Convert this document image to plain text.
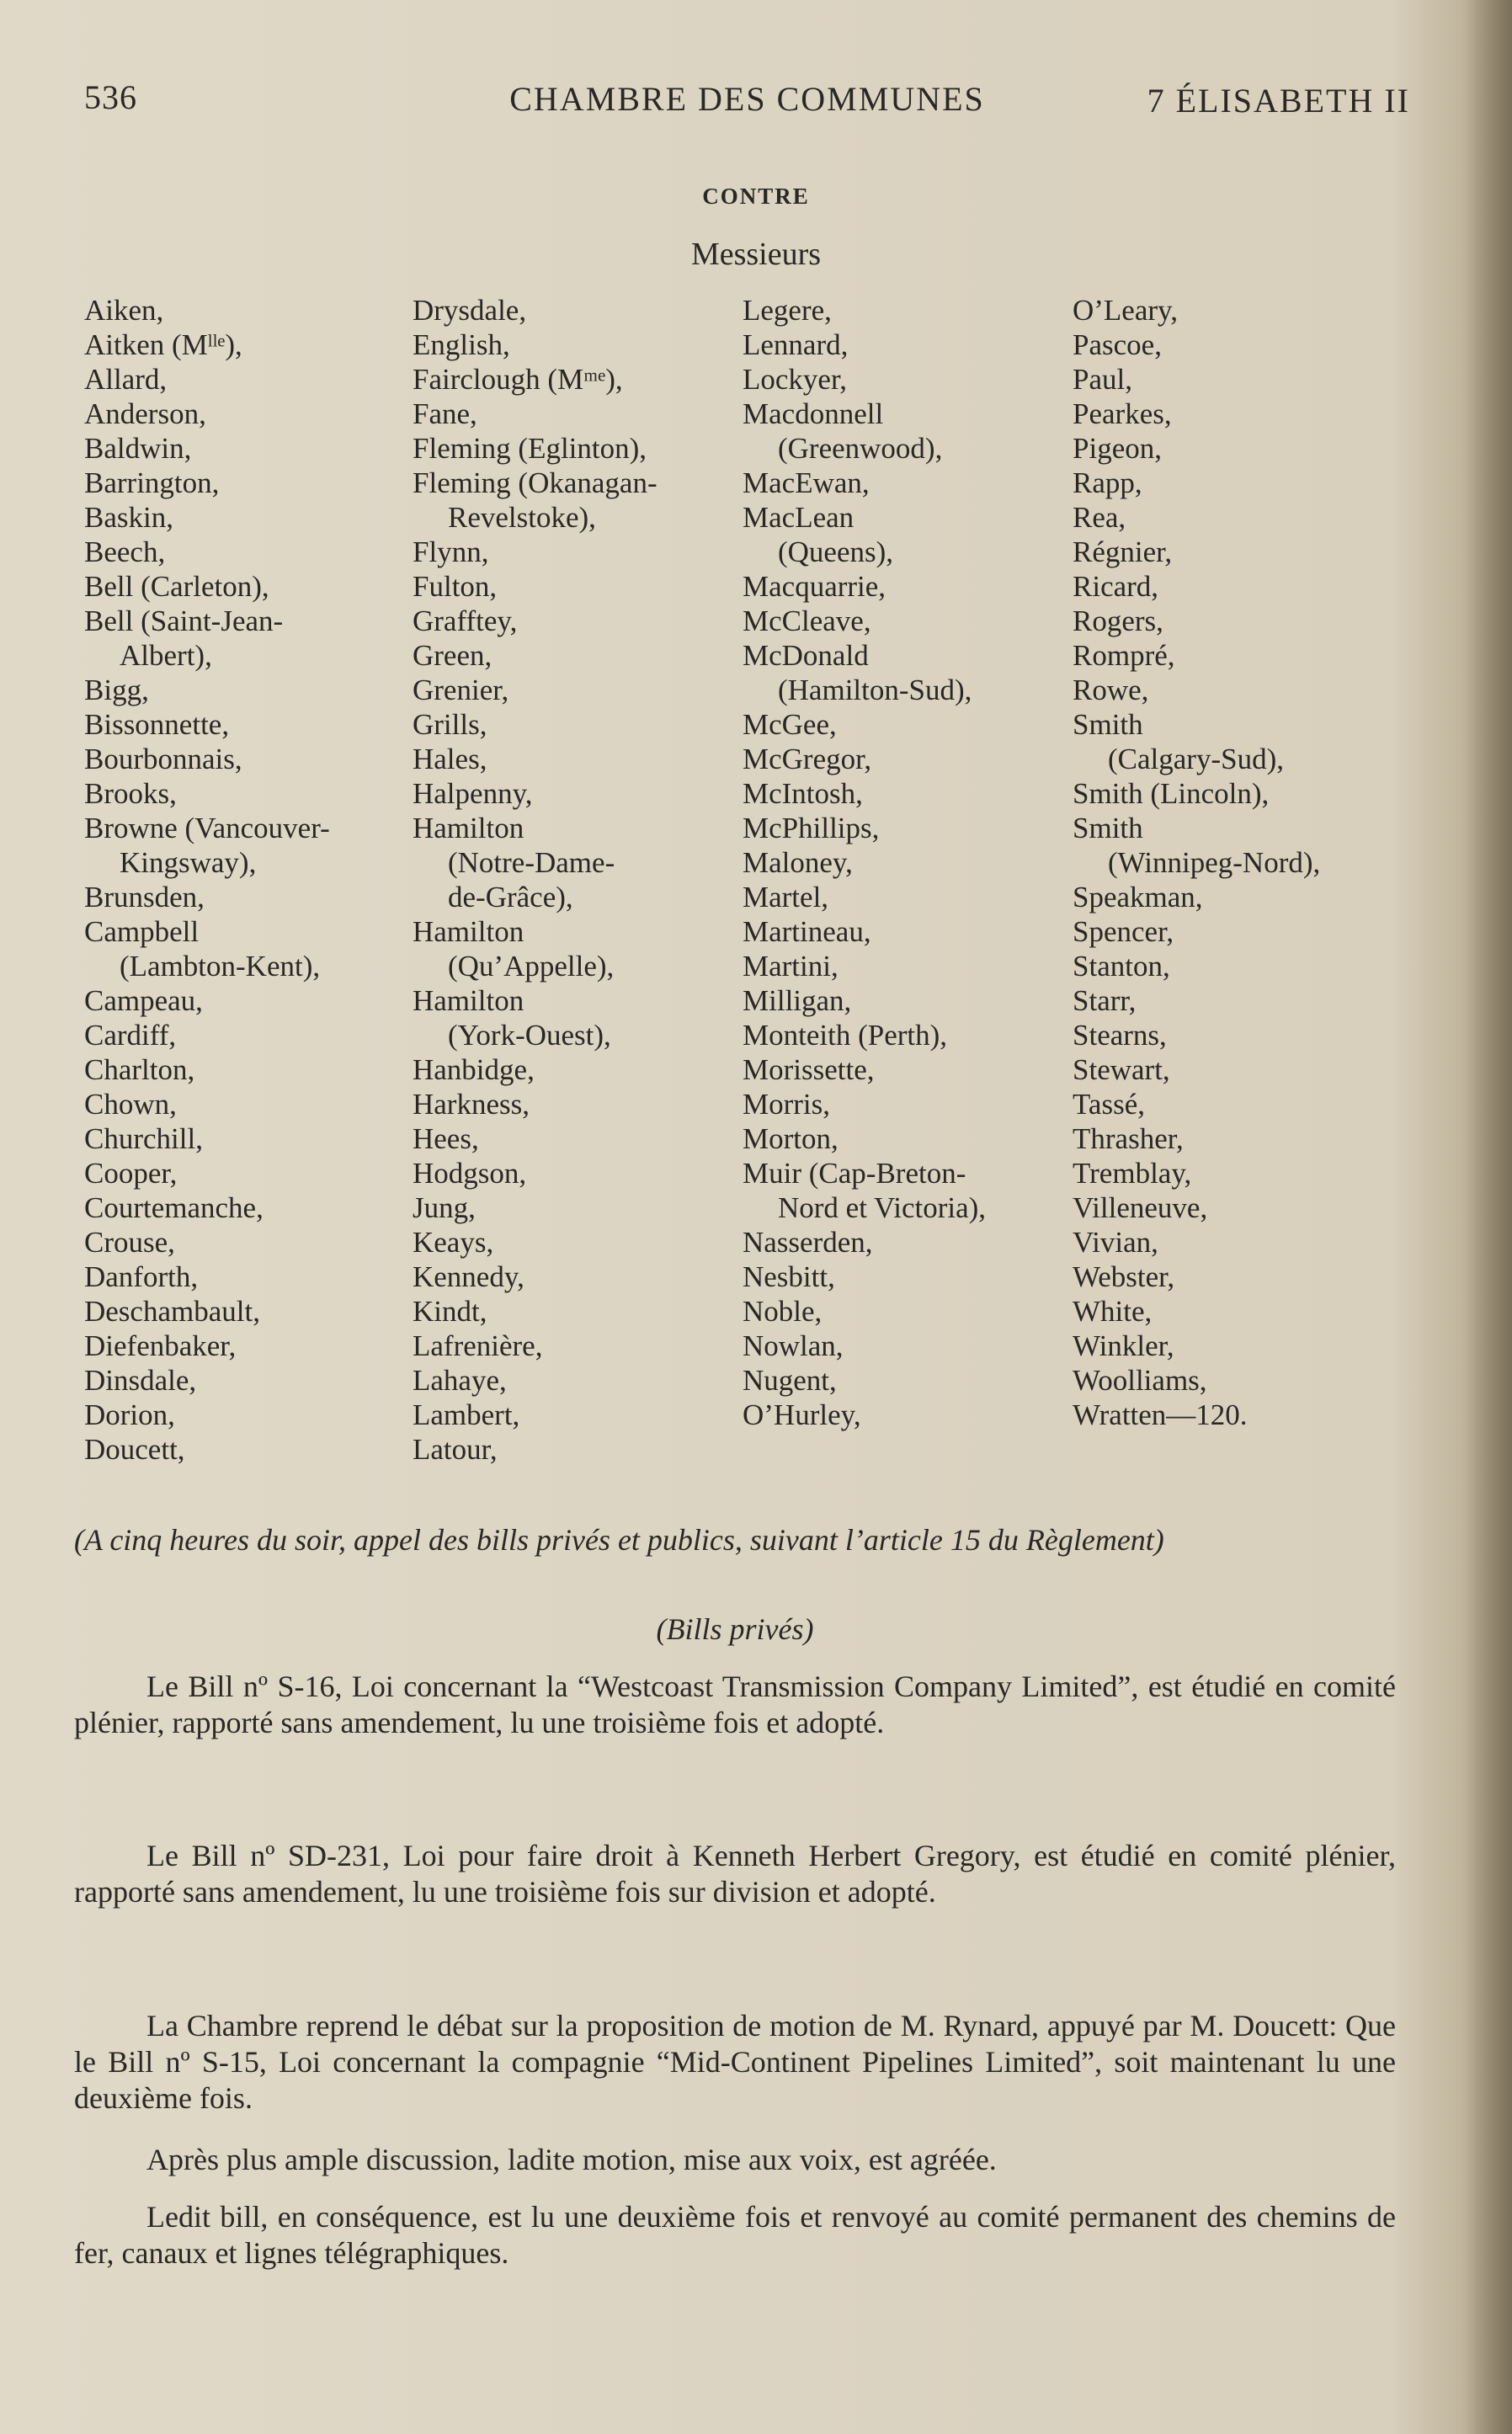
536	CHAMBRE DES COMMUNES	7 ÉLISABETH II
CONTRE
Messieurs
Aiken,
Aitken (Mˡˡᵉ),
Allard,
Anderson,
Baldwin,
Barrington,
Baskin,
Beech,
Bell (Carleton),
Bell (Saint-Jean-
Albert),
Bigg,
Bissonnette,
Bourbonnais,
Brooks,
Browne (Vancouver-
Kingsway),
Brunsden,
Campbell
(Lambton-Kent),
Campeau,
Cardiff,
Charlton,
Chown,
Churchill,
Cooper,
Courtemanche,
Crouse,
Danforth,
Deschambault,
Diefenbaker,
Dinsdale,
Dorion,
Doucett,
Drysdale,
English,
Fairclough (Mᵐᵉ),
Fane,
Fleming (Eglinton),
Fleming (Okanagan-
Revelstoke),
Flynn,
Fulton,
Grafftey,
Green,
Grenier,
Grills,
Hales,
Halpenny,
Hamilton
(Notre-Dame-
de-Grâce),
Hamilton
(Qu’Appelle),
Hamilton
(York-Ouest),
Hanbidge,
Harkness,
Hees,
Hodgson,
Jung,
Keays,
Kennedy,
Kindt,
Lafrenière,
Lahaye,
Lambert,
Latour,
Legere,
Lennard,
Lockyer,
Macdonnell
(Greenwood),
MacEwan,
MacLean
(Queens),
Macquarrie,
McCleave,
McDonald
(Hamilton-Sud),
McGee,
McGregor,
McIntosh,
McPhillips,
Maloney,
Martel,
Martineau,
Martini,
Milligan,
Monteith (Perth),
Morissette,
Morris,
Morton,
Muir (Cap-Breton-
Nord et Victoria),
Nasserden,
Nesbitt,
Noble,
Nowlan,
Nugent,
O’Hurley,
O’Leary,
Pascoe,
Paul,
Pearkes,
Pigeon,
Rapp,
Rea,
Régnier,
Ricard,
Rogers,
Rompré,
Rowe,
Smith
(Calgary-Sud),
Smith (Lincoln),
Smith
(Winnipeg-Nord),
Speakman,
Spencer,
Stanton,
Starr,
Stearns,
Stewart,
Tassé,
Thrasher,
Tremblay,
Villeneuve,
Vivian,
Webster,
White,
Winkler,
Woolliams,
Wratten—120.
(A cinq heures du soir, appel des bills privés et publics, suivant l’article 15 du Règlement)
(Bills privés)
Le Bill nº S-16, Loi concernant la “Westcoast Transmission Company Limited”, est étudié en comité plénier, rapporté sans amendement, lu une troisième fois et adopté.
Le Bill nº SD-231, Loi pour faire droit à Kenneth Herbert Gregory, est étudié en comité plénier, rapporté sans amendement, lu une troisième fois sur division et adopté.
La Chambre reprend le débat sur la proposition de motion de M. Rynard, appuyé par M. Doucett: Que le Bill nº S-15, Loi concernant la compagnie “Mid-Continent Pipelines Limited”, soit maintenant lu une deuxième fois.
Après plus ample discussion, ladite motion, mise aux voix, est agréée.
Ledit bill, en conséquence, est lu une deuxième fois et renvoyé au comité permanent des chemins de fer, canaux et lignes télégraphiques.
